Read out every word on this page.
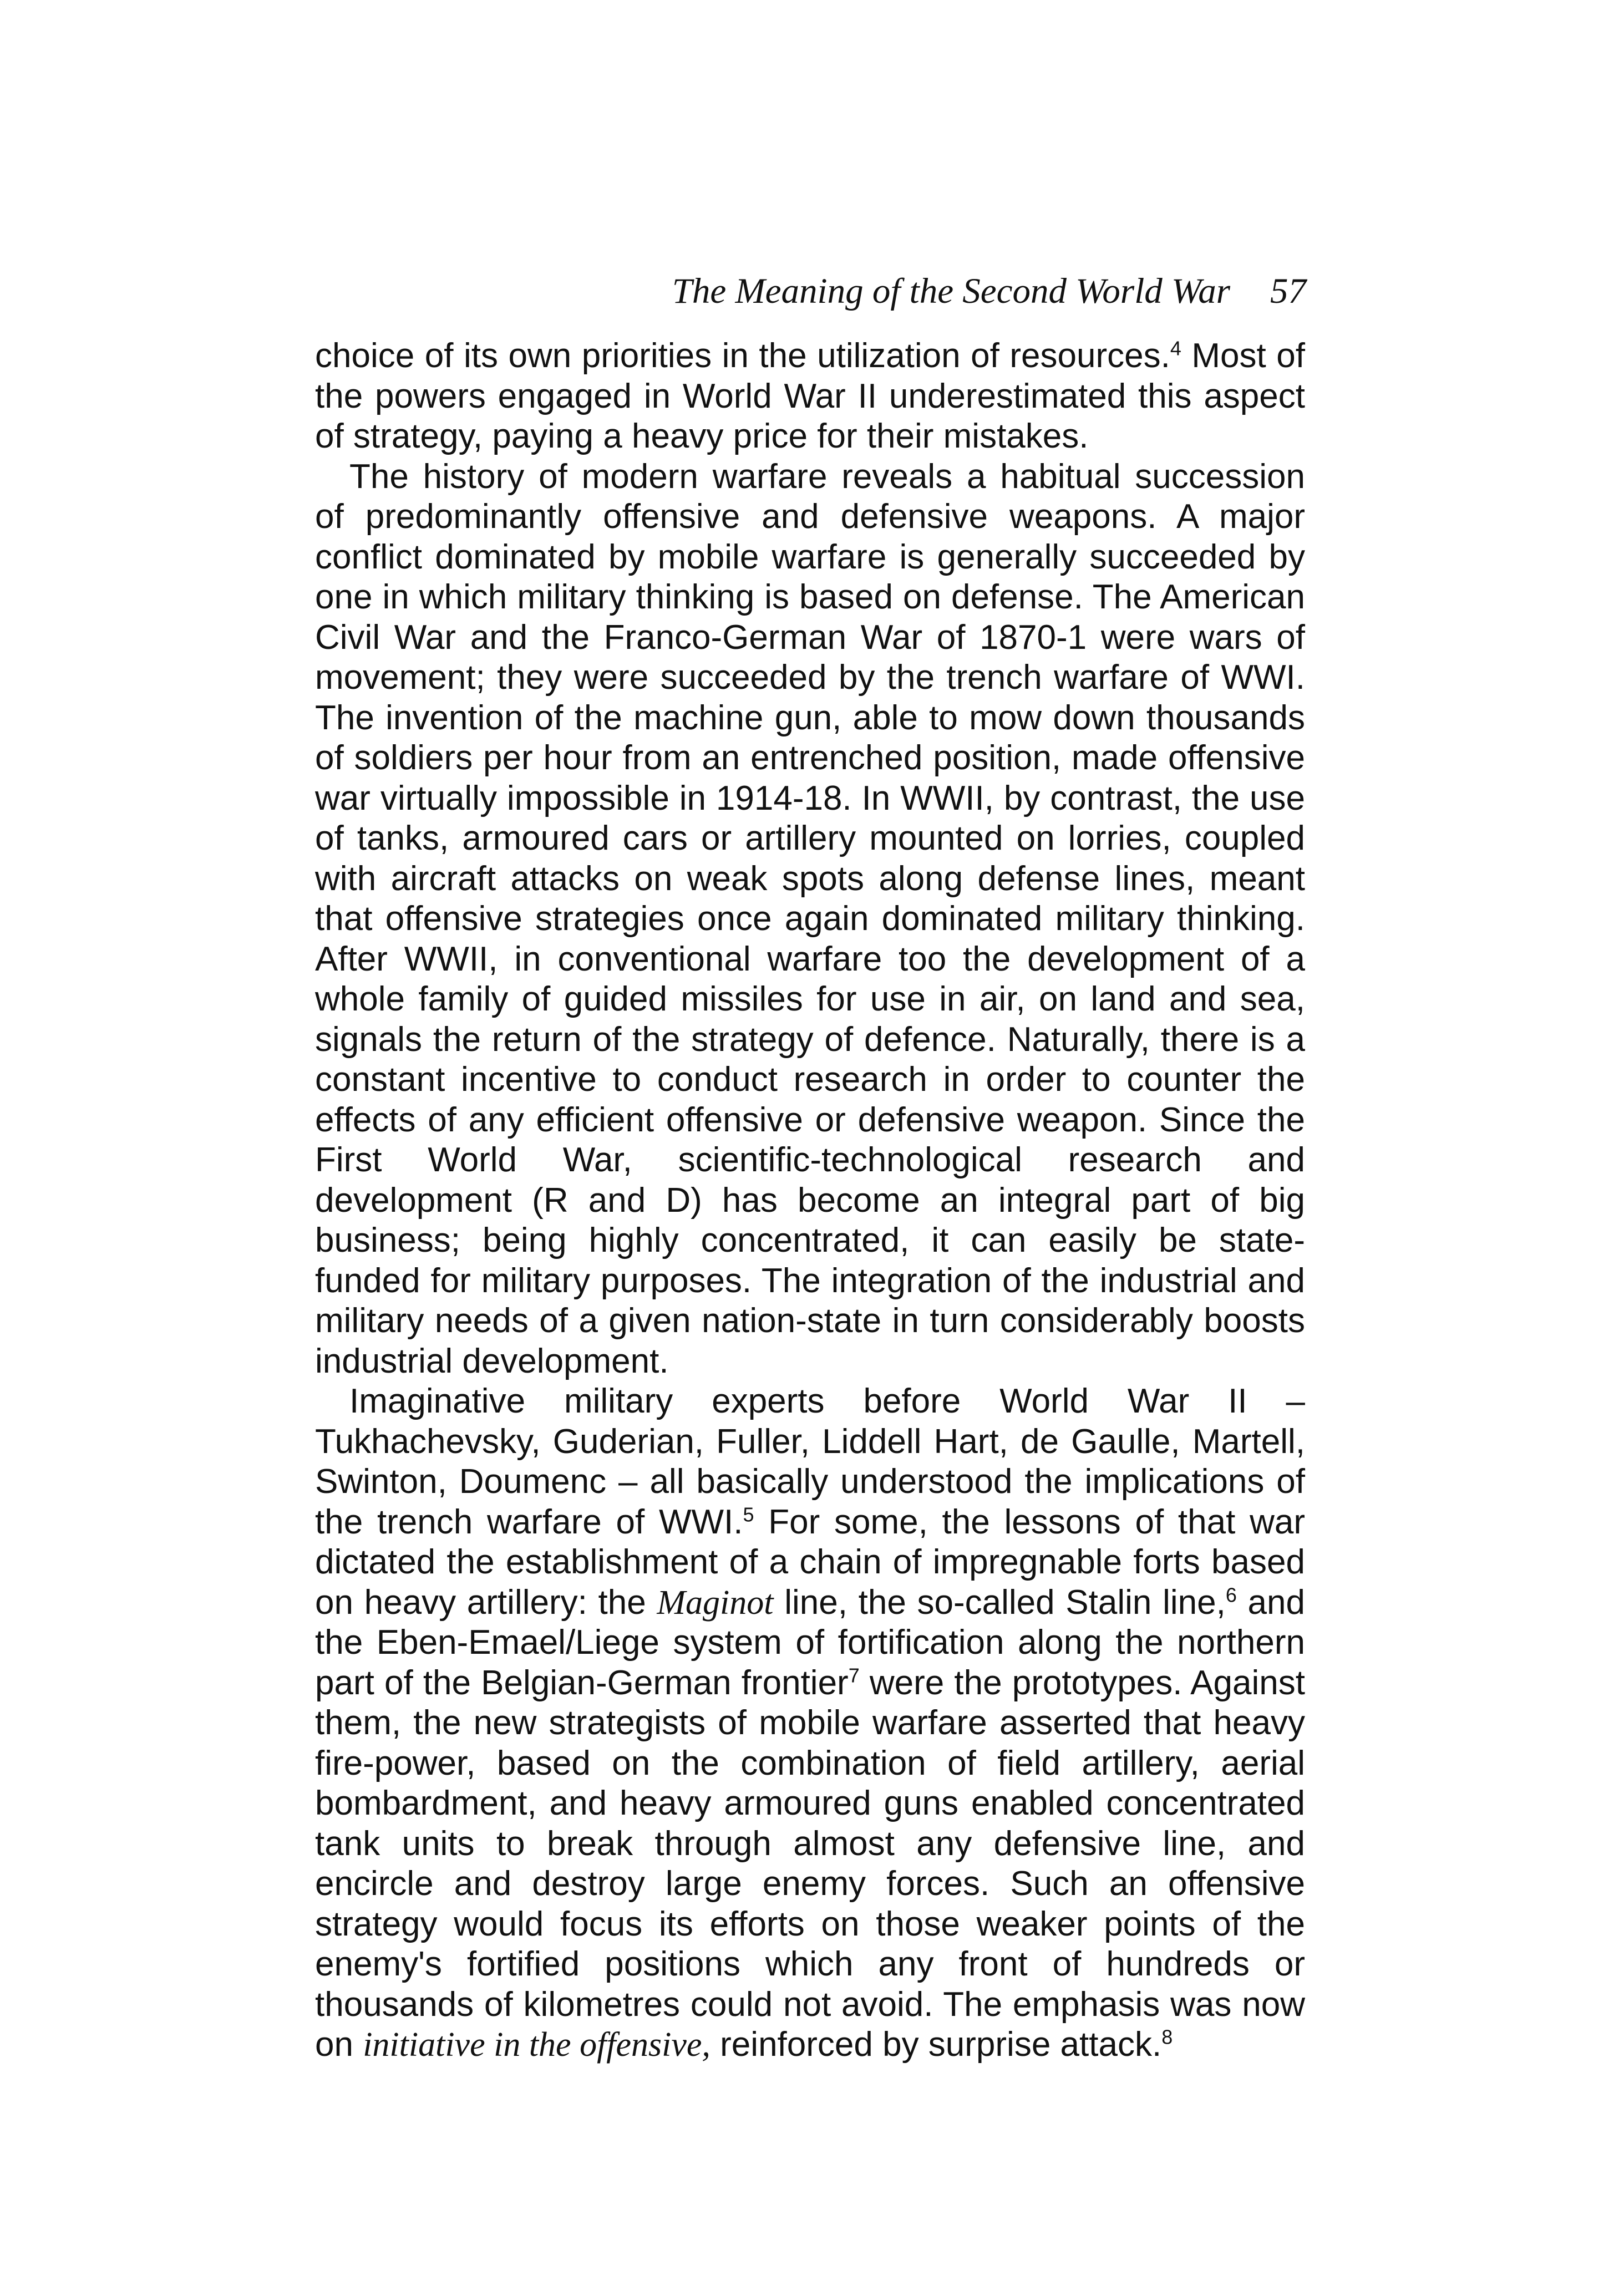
The Meaning of the Second World War 57

choice of its own priorities in the utilization of resources.$^4$ Most of the powers engaged in World War II underestimated this aspect of strategy, paying a heavy price for their mistakes.

The history of modern warfare reveals a habitual succession of predominantly offensive and defensive weapons. A major conflict dominated by mobile warfare is generally succeeded by one in which military thinking is based on defense. The American Civil War and the Franco-German War of 1870-1 were wars of movement; they were succeeded by the trench warfare of WWI. The invention of the machine gun, able to mow down thousands of soldiers per hour from an entrenched position, made offensive war virtually impossible in 1914-18. In WWII, by contrast, the use of tanks, armoured cars or artillery mounted on lorries, coupled with aircraft attacks on weak spots along defense lines, meant that offensive strategies once again dominated military thinking. After WWII, in conventional warfare too the development of a whole family of guided missiles for use in air, on land and sea, signals the return of the strategy of defence. Naturally, there is a constant incentive to conduct research in order to counter the effects of any efficient offensive or defensive weapon. Since the First World War, scientific-technological research and development (R and D) has become an integral part of big business; being highly concentrated, it can easily be state-funded for military purposes. The integration of the industrial and military needs of a given nation-state in turn considerably boosts industrial development.

Imaginative military experts before World War II – Tukhachevsky, Guderian, Fuller, Liddell Hart, de Gaulle, Martell, Swinton, Doumenc – all basically understood the implications of the trench warfare of WWI.$^5$ For some, the lessons of that war dictated the establishment of a chain of impregnable forts based on heavy artillery: the Maginot line, the so-called Stalin line,$^6$ and the Eben-Emael/Liege system of fortification along the northern part of the Belgian-German frontier$^7$ were the prototypes. Against them, the new strategists of mobile warfare asserted that heavy fire-power, based on the combination of field artillery, aerial bombardment, and heavy armoured guns enabled concentrated tank units to break through almost any defensive line, and encircle and destroy large enemy forces. Such an offensive strategy would focus its efforts on those weaker points of the enemy's fortified positions which any front of hundreds or thousands of kilometres could not avoid. The emphasis was now on initiative in the offensive, reinforced by surprise attack.$^8$
